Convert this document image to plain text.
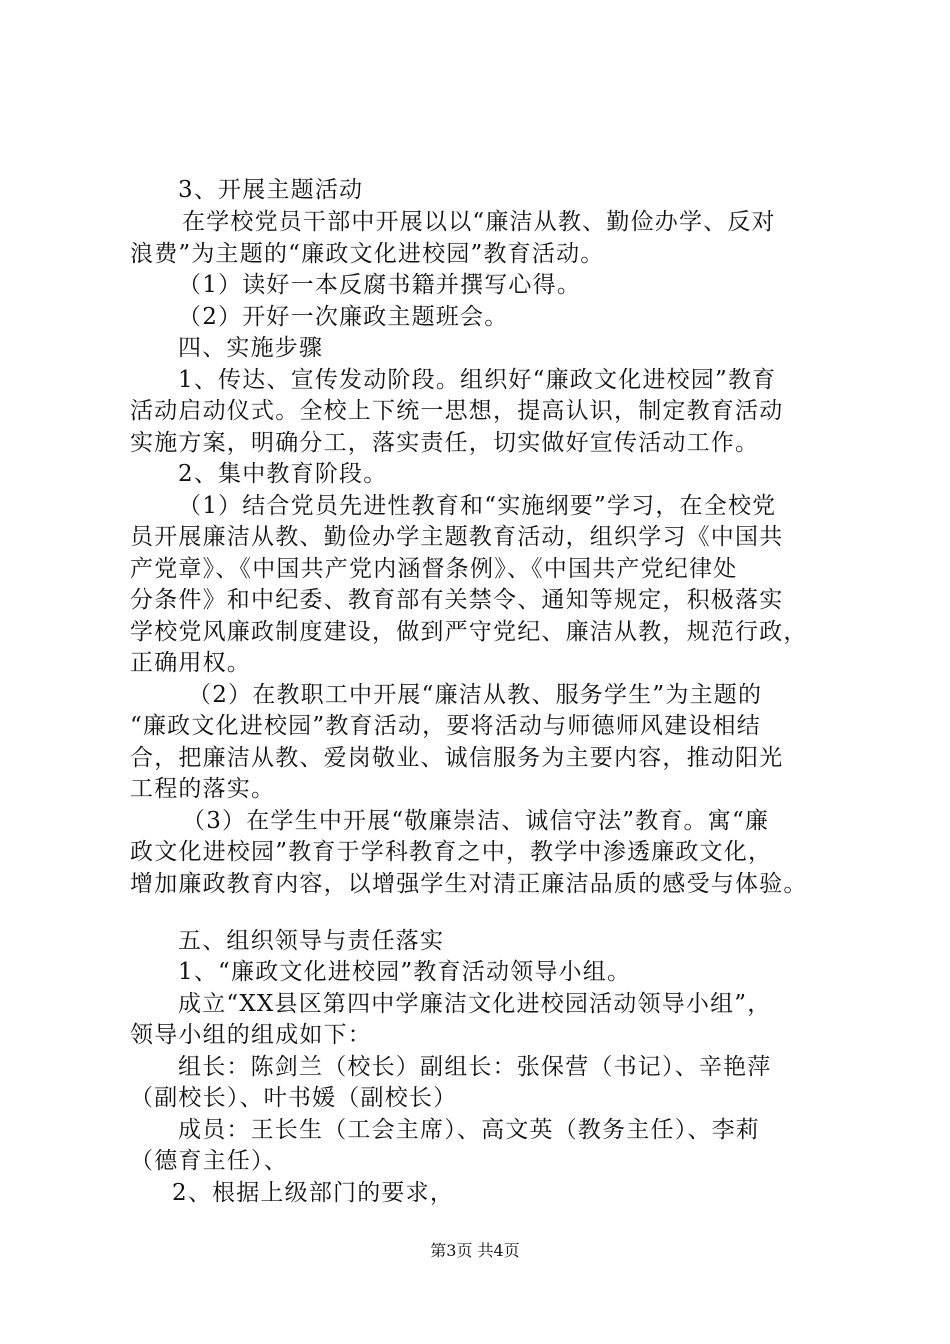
3、开展主题活动
在学校党员干部中开展以以“廉洁从教、勤俭办学、反对
浪费”为主题的“廉政文化进校园”教育活动。
（1）读好一本反腐书籍并撰写心得。
（2）开好一次廉政主题班会。
四、实施步骤
1、传达、宣传发动阶段。组织好“廉政文化进校园”教育
活动启动仪式。全校上下统一思想，提高认识，制定教育活动
实施方案，明确分工，落实责任，切实做好宣传活动工作。
2、集中教育阶段。
（1）结合党员先进性教育和“实施纲要”学习，在全校党
员开展廉洁从教、勤俭办学主题教育活动，组织学习《中国共
产党章》、《中国共产党内涵督条例》、《中国共产党纪律处
分条件》和中纪委、教育部有关禁令、通知等规定，积极落实
学校党风廉政制度建设，做到严守党纪、廉洁从教，规范行政，
正确用权。
（2）在教职工中开展“廉洁从教、服务学生”为主题的
“廉政文化进校园”教育活动，要将活动与师德师风建设相结
合，把廉洁从教、爱岗敬业、诚信服务为主要内容，推动阳光
工程的落实。
（3）在学生中开展“敬廉崇洁、诚信守法”教育。寓“廉
政文化进校园”教育于学科教育之中，教学中渗透廉政文化，
增加廉政教育内容，以增强学生对清正廉洁品质的感受与体验。
五、组织领导与责任落实
1、“廉政文化进校园”教育活动领导小组。
成立“XX县区第四中学廉洁文化进校园活动领导小组”，
领导小组的组成如下：
组长：陈剑兰（校长）副组长：张保营（书记）、辛艳萍
（副校长）、叶书媛（副校长）
成员：王长生（工会主席）、高文英（教务主任）、李莉
（德育主任）、
2、根据上级部门的要求，
第3页 共4页
